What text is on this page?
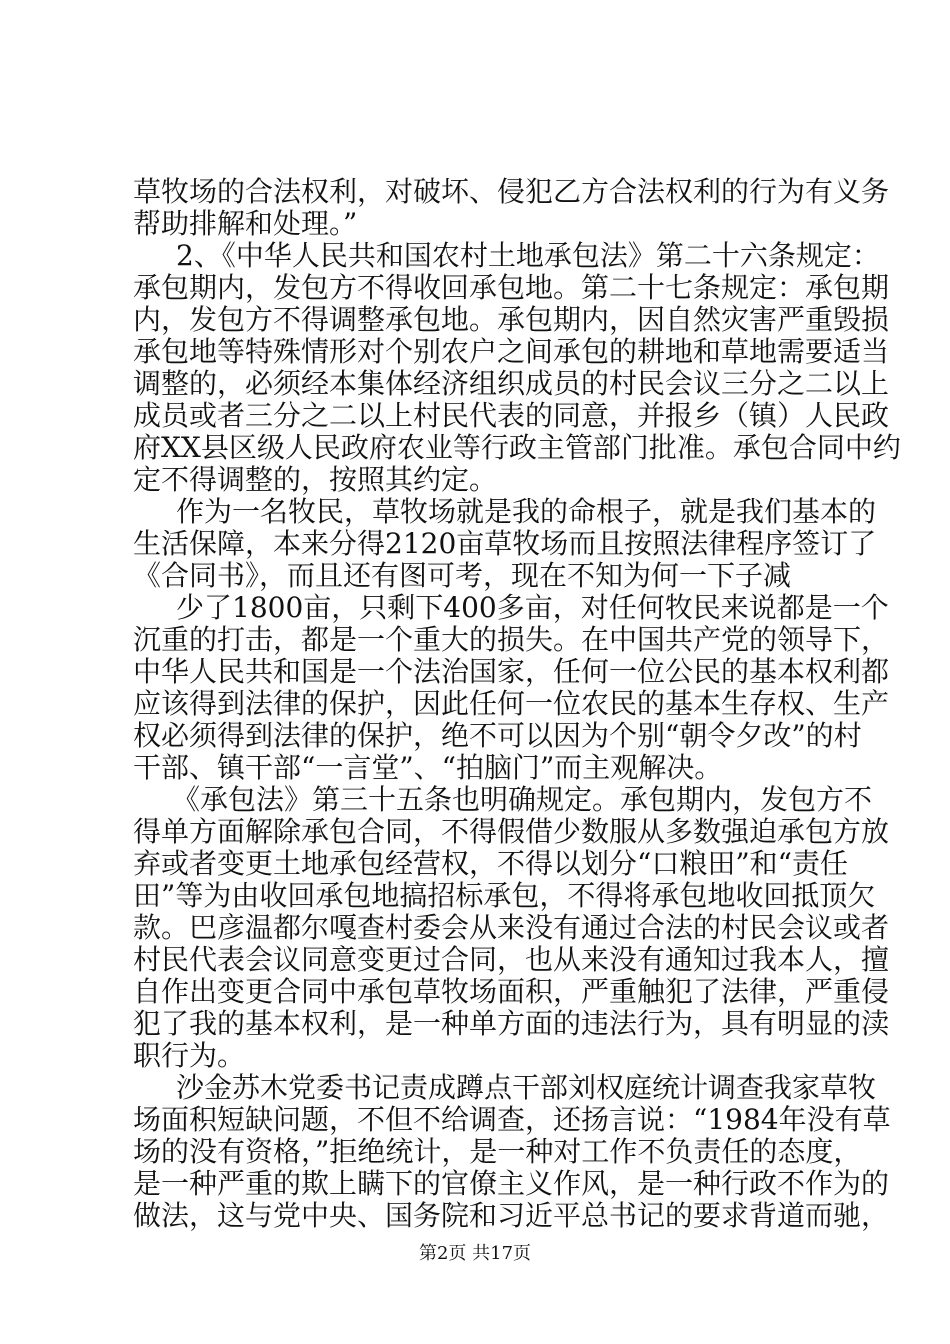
草牧场的合法权利，对破坏、侵犯乙方合法权利的行为有义务
帮助排解和处理。”
2、《中华人民共和国农村土地承包法》第二十六条规定：
承包期内，发包方不得收回承包地。第二十七条规定：承包期
内，发包方不得调整承包地。承包期内，因自然灾害严重毁损
承包地等特殊情形对个别农户之间承包的耕地和草地需要适当
调整的，必须经本集体经济组织成员的村民会议三分之二以上
成员或者三分之二以上村民代表的同意，并报乡（镇）人民政
府XX县区级人民政府农业等行政主管部门批准。承包合同中约
定不得调整的，按照其约定。
作为一名牧民，草牧场就是我的命根子，就是我们基本的
生活保障，本来分得2120亩草牧场而且按照法律程序签订了
《合同书》，而且还有图可考，现在不知为何一下子减
少了1800亩，只剩下400多亩，对任何牧民来说都是一个
沉重的打击，都是一个重大的损失。在中国共产党的领导下，
中华人民共和国是一个法治国家，任何一位公民的基本权利都
应该得到法律的保护，因此任何一位农民的基本生存权、生产
权必须得到法律的保护，绝不可以因为个别“朝令夕改”的村
干部、镇干部“一言堂”、“拍脑门”而主观解决。
《承包法》第三十五条也明确规定。承包期内，发包方不
得单方面解除承包合同，不得假借少数服从多数强迫承包方放
弃或者变更土地承包经营权，不得以划分“口粮田”和“责任
田”等为由收回承包地搞招标承包，不得将承包地收回抵顶欠
款。巴彦温都尔嘎查村委会从来没有通过合法的村民会议或者
村民代表会议同意变更过合同，也从来没有通知过我本人，擅
自作出变更合同中承包草牧场面积，严重触犯了法律，严重侵
犯了我的基本权利，是一种单方面的违法行为，具有明显的渎
职行为。
沙金苏木党委书记责成蹲点干部刘权庭统计调查我家草牧
场面积短缺问题，不但不给调查，还扬言说：“1984年没有草
场的没有资格，”拒绝统计，是一种对工作不负责任的态度，
是一种严重的欺上瞒下的官僚主义作风，是一种行政不作为的
做法，这与党中央、国务院和习近平总书记的要求背道而驰，
第2页 共17页
